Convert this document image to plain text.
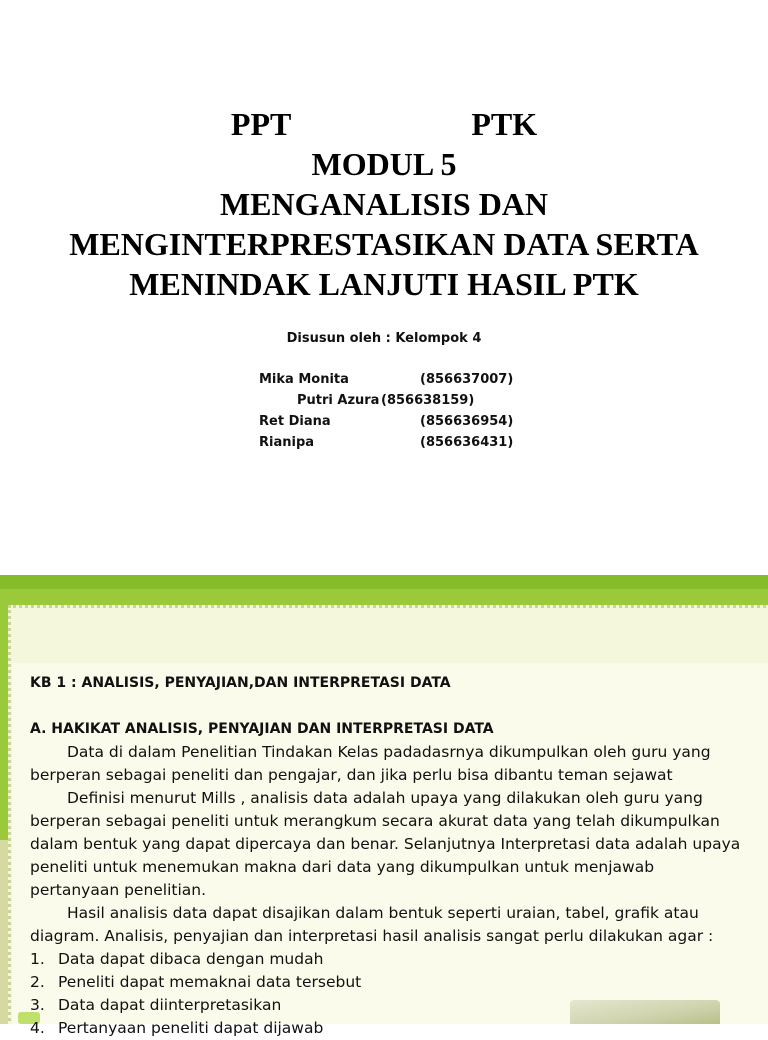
PPT	PTK
MODUL 5
MENGANALISIS DAN
MENGINTERPRESTASIKAN DATA SERTA
MENINDAK LANJUTI HASIL PTK
Disusun oleh : Kelompok 4
Mika Monita	(856637007)
Putri Azura (856638159)
Ret Diana	(856636954)
Rianipa	(856636431)
KB 1 : ANALISIS, PENYAJIAN,DAN INTERPRETASI DATA
A. HAKIKAT ANALISIS, PENYAJIAN DAN INTERPRETASI DATA
Data di dalam Penelitian Tindakan Kelas padadasrnya dikumpulkan oleh guru yang
berperan sebagai peneliti dan pengajar, dan jika perlu bisa dibantu teman sejawat
Definisi menurut Mills , analisis data adalah upaya yang dilakukan oleh guru yang
berperan sebagai peneliti untuk merangkum secara akurat data yang telah dikumpulkan
dalam bentuk yang dapat dipercaya dan benar. Selanjutnya Interpretasi data adalah upaya
peneliti untuk menemukan makna dari data yang dikumpulkan untuk menjawab
pertanyaan penelitian.
Hasil analisis data dapat disajikan dalam bentuk seperti uraian, tabel, grafik atau
diagram. Analisis, penyajian dan interpretasi hasil analisis sangat perlu dilakukan agar :
1. Data dapat dibaca dengan mudah
2. Peneliti dapat memaknai data tersebut
3. Data dapat diinterpretasikan
4. Pertanyaan peneliti dapat dijawab
